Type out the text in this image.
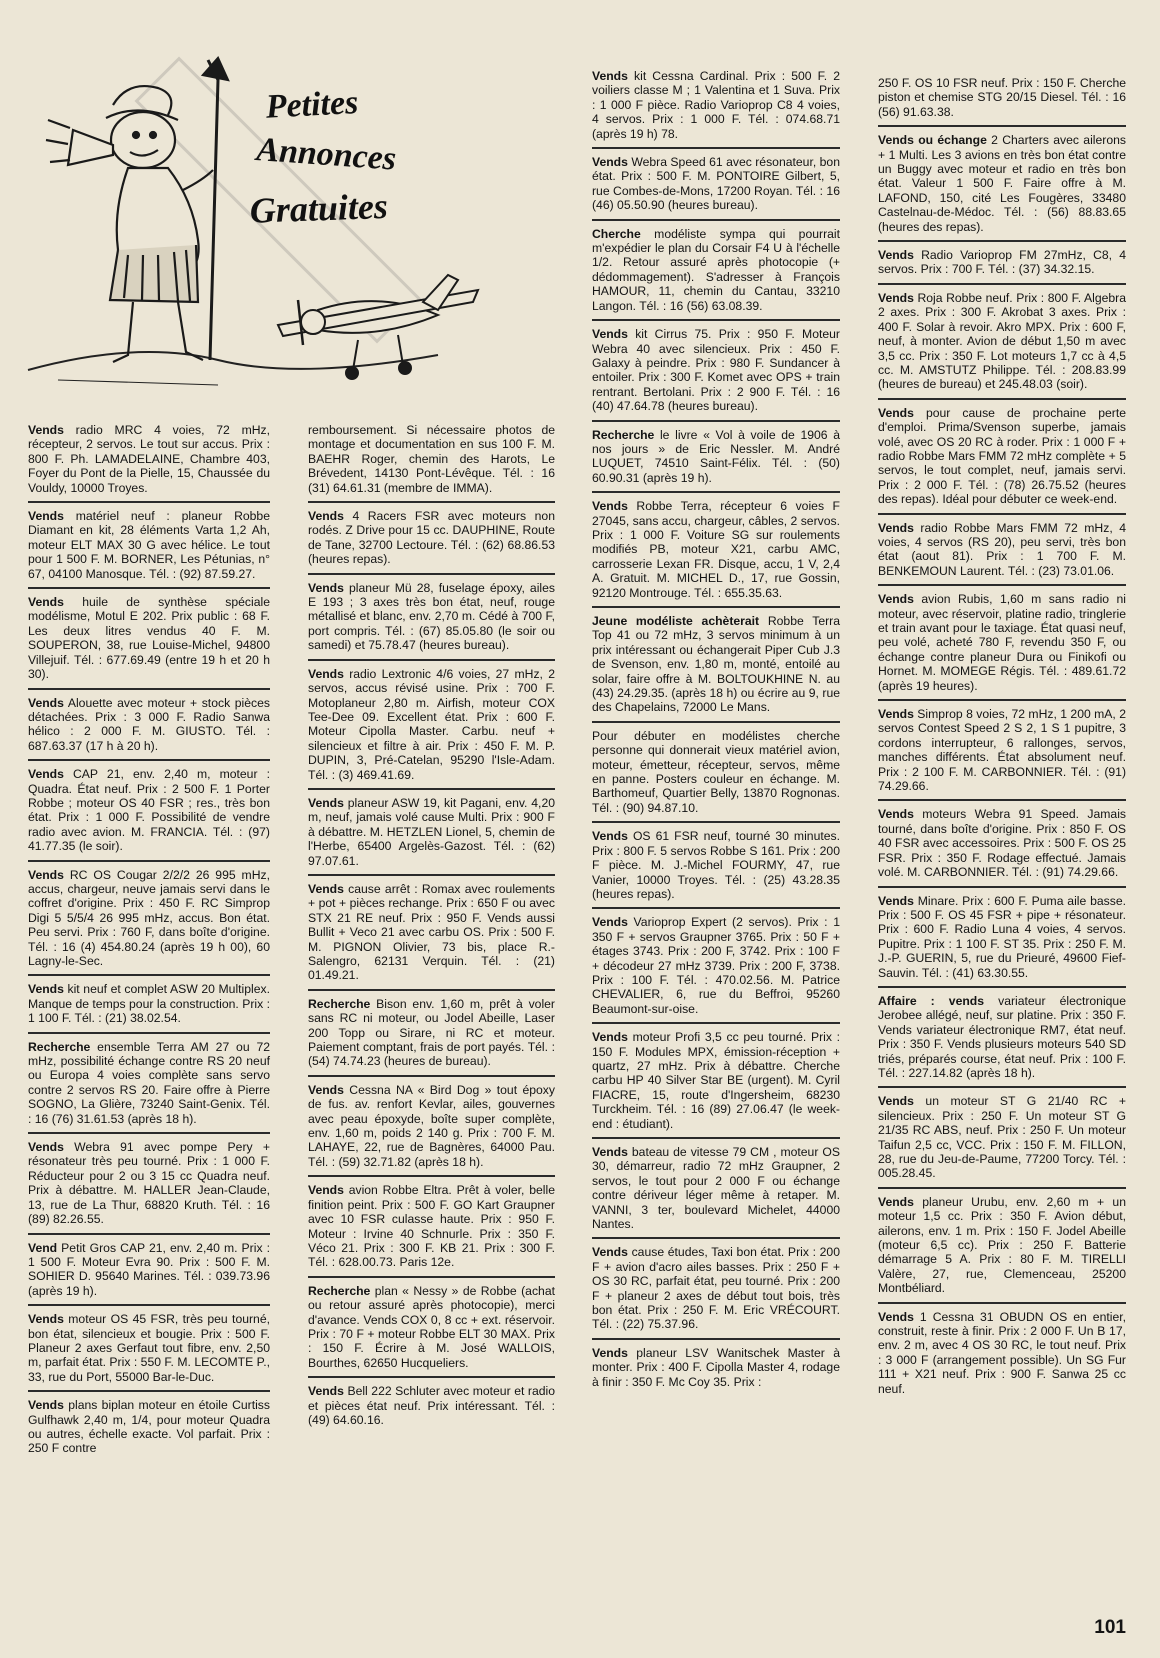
Petites
Annonces
Gratuites

Vends radio MRC 4 voies, 72 mHz, récepteur, 2 servos. Le tout sur accus. Prix : 800 F. Ph. LAMADELAINE, Chambre 403, Foyer du Pont de la Pielle, 15, Chaussée du Vouldy, 10000 Troyes.

Vends matériel neuf : planeur Robbe Diamant en kit, 28 éléments Varta 1,2 Ah, moteur ELT MAX 30 G avec hélice. Le tout pour 1 500 F. M. BORNER, Les Pétunias, n° 67, 04100 Manosque. Tél. : (92) 87.59.27.

Vends huile de synthèse spéciale modélisme, Motul E 202. Prix public : 68 F. Les deux litres vendus 40 F. M. SOUPERON, 38, rue Louise-Michel, 94800 Villejuif. Tél. : 677.69.49 (entre 19 h et 20 h 30).

Vends Alouette avec moteur + stock pièces détachées. Prix : 3 000 F. Radio Sanwa hélico : 2 000 F. M. GIUSTO. Tél. : 687.63.37 (17 h à 20 h).

Vends CAP 21, env. 2,40 m, moteur : Quadra. État neuf. Prix : 2 500 F. 1 Porter Robbe ; moteur OS 40 FSR ; res., très bon état. Prix : 1 000 F. Possibilité de vendre radio avec avion. M. FRANCIA. Tél. : (97) 41.77.35 (le soir).

Vends RC OS Cougar 2/2/2 26 995 mHz, accus, chargeur, neuve jamais servi dans le coffret d'origine. Prix : 450 F. RC Simprop Digi 5 5/5/4 26 995 mHz, accus. Bon état. Peu servi. Prix : 760 F, dans boîte d'origine. Tél. : 16 (4) 454.80.24 (après 19 h 00), 60 Lagny-le-Sec.

Vends kit neuf et complet ASW 20 Multiplex. Manque de temps pour la construction. Prix : 1 100 F. Tél. : (21) 38.02.54.

Recherche ensemble Terra AM 27 ou 72 mHz, possibilité échange contre RS 20 neuf ou Europa 4 voies complète sans servo contre 2 servos RS 20. Faire offre à Pierre SOGNO, La Glière, 73240 Saint-Genix. Tél. : 16 (76) 31.61.53 (après 18 h).

Vends Webra 91 avec pompe Pery + résonateur très peu tourné. Prix : 1 000 F. Réducteur pour 2 ou 3 15 cc Quadra neuf. Prix à débattre. M. HALLER Jean-Claude, 13, rue de La Thur, 68820 Kruth. Tél. : 16 (89) 82.26.55.

Vend Petit Gros CAP 21, env. 2,40 m. Prix : 1 500 F. Moteur Evra 90. Prix : 500 F. M. SOHIER D. 95640 Marines. Tél. : 039.73.96 (après 19 h).

Vends moteur OS 45 FSR, très peu tourné, bon état, silencieux et bougie. Prix : 500 F. Planeur 2 axes Gerfaut tout fibre, env. 2,50 m, parfait état. Prix : 550 F. M. LECOMTE P., 33, rue du Port, 55000 Bar-le-Duc.

Vends plans biplan moteur en étoile Curtiss Gulfhawk 2,40 m, 1/4, pour moteur Quadra ou autres, échelle exacte. Vol parfait. Prix : 250 F contre

remboursement. Si nécessaire photos de montage et documentation en sus 100 F. M. BAEHR Roger, chemin des Harots, Le Brévedent, 14130 Pont-Lévêque. Tél. : 16 (31) 64.61.31 (membre de IMMA).

Vends 4 Racers FSR avec moteurs non rodés. Z Drive pour 15 cc. DAUPHINE, Route de Tane, 32700 Lectoure. Tél. : (62) 68.86.53 (heures repas).

Vends planeur Mü 28, fuselage époxy, ailes E 193 ; 3 axes très bon état, neuf, rouge métallisé et blanc, env. 2,70 m. Cédé à 700 F, port compris. Tél. : (67) 85.05.80 (le soir ou samedi) et 75.78.47 (heures bureau).

Vends radio Lextronic 4/6 voies, 27 mHz, 2 servos, accus révisé usine. Prix : 700 F. Motoplaneur 2,80 m. Airfish, moteur COX Tee-Dee 09. Excellent état. Prix : 600 F. Moteur Cipolla Master. Carbu. neuf + silencieux et filtre à air. Prix : 450 F. M. P. DUPIN, 3, Pré-Catelan, 95290 l'Isle-Adam. Tél. : (3) 469.41.69.

Vends planeur ASW 19, kit Pagani, env. 4,20 m, neuf, jamais volé cause Multi. Prix : 900 F à débattre. M. HETZLEN Lionel, 5, chemin de l'Herbe, 65400 Argelès-Gazost. Tél. : (62) 97.07.61.

Vends cause arrêt : Romax avec roulements + pot + pièces rechange. Prix : 650 F ou avec STX 21 RE neuf. Prix : 950 F. Vends aussi Bullit + Veco 21 avec carbu OS. Prix : 500 F. M. PIGNON Olivier, 73 bis, place R.-Salengro, 62131 Verquin. Tél. : (21) 01.49.21.

Recherche Bison env. 1,60 m, prêt à voler sans RC ni moteur, ou Jodel Abeille, Laser 200 Topp ou Sirare, ni RC et moteur. Paiement comptant, frais de port payés. Tél. : (54) 74.74.23 (heures de bureau).

Vends Cessna NA « Bird Dog » tout époxy de fus. av. renfort Kevlar, ailes, gouvernes avec peau époxyde, boîte super complète, env. 1,60 m, poids 2 140 g. Prix : 700 F. M. LAHAYE, 22, rue de Bagnères, 64000 Pau. Tél. : (59) 32.71.82 (après 18 h).

Vends avion Robbe Eltra. Prêt à voler, belle finition peint. Prix : 500 F. GO Kart Graupner avec 10 FSR culasse haute. Prix : 950 F. Moteur : Irvine 40 Schnurle. Prix : 350 F. Véco 21. Prix : 300 F. KB 21. Prix : 300 F. Tél. : 628.00.73. Paris 12e.

Recherche plan « Nessy » de Robbe (achat ou retour assuré après photocopie), merci d'avance. Vends COX 0, 8 cc + ext. réservoir. Prix : 70 F + moteur Robbe ELT 30 MAX. Prix : 150 F. Écrire à M. José WALLOIS, Bourthes, 62650 Hucqueliers.

Vends Bell 222 Schluter avec moteur et radio et pièces état neuf. Prix intéressant. Tél. : (49) 64.60.16.

Vends kit Cessna Cardinal. Prix : 500 F. 2 voiliers classe M ; 1 Valentina et 1 Suva. Prix : 1 000 F pièce. Radio Varioprop C8 4 voies, 4 servos. Prix : 1 000 F. Tél. : 074.68.71 (après 19 h) 78.

Vends Webra Speed 61 avec résonateur, bon état. Prix : 500 F. M. PONTOIRE Gilbert, 5, rue Combes-de-Mons, 17200 Royan. Tél. : 16 (46) 05.50.90 (heures bureau).

Cherche modéliste sympa qui pourrait m'expédier le plan du Corsair F4 U à l'échelle 1/2. Retour assuré après photocopie (+ dédommagement). S'adresser à François HAMOUR, 11, chemin du Cantau, 33210 Langon. Tél. : 16 (56) 63.08.39.

Vends kit Cirrus 75. Prix : 950 F. Moteur Webra 40 avec silencieux. Prix : 450 F. Galaxy à peindre. Prix : 980 F. Sundancer à entoiler. Prix : 300 F. Komet avec OPS + train rentrant. Bertolani. Prix : 2 900 F. Tél. : 16 (40) 47.64.78 (heures bureau).

Recherche le livre « Vol à voile de 1906 à nos jours » de Eric Nessler. M. André LUQUET, 74510 Saint-Félix. Tél. : (50) 60.90.31 (après 19 h).

Vends Robbe Terra, récepteur 6 voies F 27045, sans accu, chargeur, câbles, 2 servos. Prix : 1 000 F. Voiture SG sur roulements modifiés PB, moteur X21, carbu AMC, carrosserie Lexan FR. Disque, accu, 1 V, 2,4 A. Gratuit. M. MICHEL D., 17, rue Gossin, 92120 Montrouge. Tél. : 655.35.63.

Jeune modéliste achèterait Robbe Terra Top 41 ou 72 mHz, 3 servos minimum à un prix intéressant ou échangerait Piper Cub J.3 de Svenson, env. 1,80 m, monté, entoilé au solar, faire offre à M. BOLTOUKHINE N. au (43) 24.29.35. (après 18 h) ou écrire au 9, rue des Chapelains, 72000 Le Mans.

Pour débuter en modélistes cherche personne qui donnerait vieux matériel avion, moteur, émetteur, récepteur, servos, même en panne. Posters couleur en échange. M. Barthomeuf, Quartier Belly, 13870 Rognonas. Tél. : (90) 94.87.10.

Vends OS 61 FSR neuf, tourné 30 minutes. Prix : 800 F. 5 servos Robbe S 161. Prix : 200 F pièce. M. J.-Michel FOURMY, 47, rue Vanier, 10000 Troyes. Tél. : (25) 43.28.35 (heures repas).

Vends Varioprop Expert (2 servos). Prix : 1 350 F + servos Graupner 3765. Prix : 50 F + étages 3743. Prix : 200 F, 3742. Prix : 100 F + décodeur 27 mHz 3739. Prix : 200 F, 3738. Prix : 100 F. Tél. : 470.02.56. M. Patrice CHEVALIER, 6, rue du Beffroi, 95260 Beaumont-sur-oise.

Vends moteur Profi 3,5 cc peu tourné. Prix : 150 F. Modules MPX, émission-réception + quartz, 27 mHz. Prix à débattre. Cherche carbu HP 40 Silver Star BE (urgent). M. Cyril FIACRE, 15, route d'Ingersheim, 68230 Turckheim. Tél. : 16 (89) 27.06.47 (le week-end : étudiant).

Vends bateau de vitesse 79 CM , moteur OS 30, démarreur, radio 72 mHz Graupner, 2 servos, le tout pour 2 000 F ou échange contre dériveur léger même à retaper. M. VANNI, 3 ter, boulevard Michelet, 44000 Nantes.

Vends cause études, Taxi bon état. Prix : 200 F + avion d'acro ailes basses. Prix : 250 F + OS 30 RC, parfait état, peu tourné. Prix : 200 F + planeur 2 axes de début tout bois, très bon état. Prix : 250 F. M. Eric VRÉCOURT. Tél. : (22) 75.37.96.

Vends planeur LSV Wanitschek Master à monter. Prix : 400 F. Cipolla Master 4, rodage à finir : 350 F. Mc Coy 35. Prix :

250 F. OS 10 FSR neuf. Prix : 150 F. Cherche piston et chemise STG 20/15 Diesel. Tél. : 16 (56) 91.63.38.

Vends ou échange 2 Charters avec ailerons + 1 Multi. Les 3 avions en très bon état contre un Buggy avec moteur et radio en très bon état. Valeur 1 500 F. Faire offre à M. LAFOND, 150, cité Les Fougères, 33480 Castelnau-de-Médoc. Tél. : (56) 88.83.65 (heures des repas).

Vends Radio Varioprop FM 27mHz, C8, 4 servos. Prix : 700 F. Tél. : (37) 34.32.15.

Vends Roja Robbe neuf. Prix : 800 F. Algebra 2 axes. Prix : 300 F. Akrobat 3 axes. Prix : 400 F. Solar à revoir. Akro MPX. Prix : 600 F, neuf, à monter. Avion de début 1,50 m avec 3,5 cc. Prix : 350 F. Lot moteurs 1,7 cc à 4,5 cc. M. AMSTUTZ Philippe. Tél. : 208.83.99 (heures de bureau) et 245.48.03 (soir).

Vends pour cause de prochaine perte d'emploi. Prima/Svenson superbe, jamais volé, avec OS 20 RC à roder. Prix : 1 000 F + radio Robbe Mars FMM 72 mHz complète + 5 servos, le tout complet, neuf, jamais servi. Prix : 2 000 F. Tél. : (78) 26.75.52 (heures des repas). Idéal pour débuter ce week-end.

Vends radio Robbe Mars FMM 72 mHz, 4 voies, 4 servos (RS 20), peu servi, très bon état (aout 81). Prix : 1 700 F. M. BENKEMOUN Laurent. Tél. : (23) 73.01.06.

Vends avion Rubis, 1,60 m sans radio ni moteur, avec réservoir, platine radio, tringlerie et train avant pour le taxiage. État quasi neuf, peu volé, acheté 780 F, revendu 350 F, ou échange contre planeur Dura ou Finikofi ou Hornet. M. MOMEGE Régis. Tél. : 489.61.72 (après 19 heures).

Vends Simprop 8 voies, 72 mHz, 1 200 mA, 2 servos Contest Speed 2 S 2, 1 S 1 pupitre, 3 cordons interrupteur, 6 rallonges, servos, manches différents. État absolument neuf. Prix : 2 100 F. M. CARBONNIER. Tél. : (91) 74.29.66.

Vends moteurs Webra 91 Speed. Jamais tourné, dans boîte d'origine. Prix : 850 F. OS 40 FSR avec accessoires. Prix : 500 F. OS 25 FSR. Prix : 350 F. Rodage effectué. Jamais volé. M. CARBONNIER. Tél. : (91) 74.29.66.

Vends Minare. Prix : 600 F. Puma aile basse. Prix : 500 F. OS 45 FSR + pipe + résonateur. Prix : 600 F. Radio Luna 4 voies, 4 servos. Pupitre. Prix : 1 100 F. ST 35. Prix : 250 F. M. J.-P. GUERIN, 5, rue du Prieuré, 49600 Fief-Sauvin. Tél. : (41) 63.30.55.

Affaire : vends variateur électronique Jerobee allégé, neuf, sur platine. Prix : 350 F. Vends variateur électronique RM7, état neuf. Prix : 350 F. Vends plusieurs moteurs 540 SD triés, préparés course, état neuf. Prix : 100 F. Tél. : 227.14.82 (après 18 h).

Vends un moteur ST G 21/40 RC + silencieux. Prix : 250 F. Un moteur ST G 21/35 RC ABS, neuf. Prix : 250 F. Un moteur Taifun 2,5 cc, VCC. Prix : 150 F. M. FILLON, 28, rue du Jeu-de-Paume, 77200 Torcy. Tél. : 005.28.45.

Vends planeur Urubu, env. 2,60 m + un moteur 1,5 cc. Prix : 350 F. Avion début, ailerons, env. 1 m. Prix : 150 F. Jodel Abeille (moteur 6,5 cc). Prix : 250 F. Batterie démarrage 5 A. Prix : 80 F. M. TIRELLI Valère, 27, rue, Clemenceau, 25200 Montbéliard.

Vends 1 Cessna 31 OBUDN OS en entier, construit, reste à finir. Prix : 2 000 F. Un B 17, env. 2 m, avec 4 OS 30 RC, le tout neuf. Prix : 3 000 F (arrangement possible). Un SG Fur 111 + X21 neuf. Prix : 900 F. Sanwa 25 cc neuf.

101
